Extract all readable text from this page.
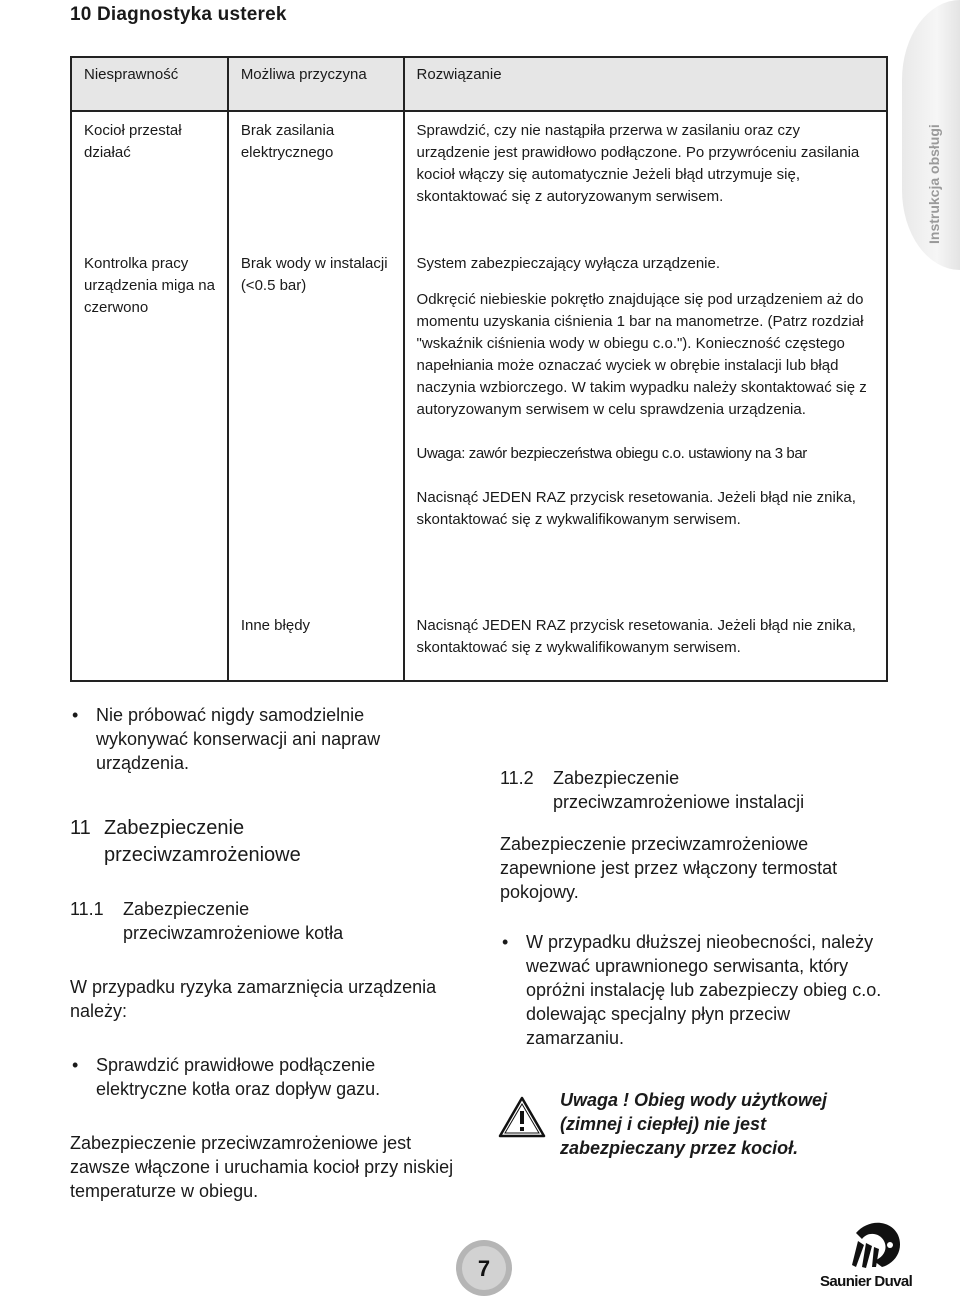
Instrukcja obsługi
10 Diagnostyka usterek
Niesprawność	Możliwa przyczyna	Rozwiązanie
Kocioł przestał działać	Brak zasilania elektrycznego	Sprawdzić, czy nie nastąpiła przerwa w zasilaniu oraz czy urządzenie jest prawidłowo podłączone. Po przywróceniu zasilania kocioł włączy się automatycznie Jeżeli błąd utrzymuje się, skontaktować się z autoryzowanym serwisem.

Kontrolka pracy urządzenia miga na czerwono	Brak wody w instalacji (<0.5 bar)	System zabezpieczający wyłącza urządzenie.
Odkręcić niebieskie pokrętło znajdujące się pod urządzeniem aż do momentu uzyskania ciśnienia 1 bar na manometrze. (Patrz rozdział "wskaźnik ciśnienia wody w obiegu c.o."). Konieczność częstego napełniania może oznaczać wyciek w obrębie instalacji lub błąd naczynia wzbiorczego. W takim wypadku należy skontaktować się z autoryzowanym serwisem w celu sprawdzenia urządzenia.
Uwaga: zawór bezpieczeństwa obiegu c.o. ustawiony na 3 bar
Nacisnąć JEDEN RAZ przycisk resetowania. Jeżeli błąd nie znika, skontaktować się z wykwalifikowanym serwisem.

	Inne błędy	Nacisnąć JEDEN RAZ przycisk resetowania. Jeżeli błąd nie znika, skontaktować się z wykwalifikowanym serwisem.
• Nie próbować nigdy samodzielnie wykonywać konserwacji ani napraw urządzenia.
11 Zabezpieczenie
przeciwzamrożeniowe
11.1 Zabezpieczenie
przeciwzamrożeniowe kotła
W przypadku ryzyka zamarznięcia urządzenia należy:
• Sprawdzić prawidłowe podłączenie elektryczne kotła oraz dopływ gazu.
Zabezpieczenie przeciwzamrożeniowe jest zawsze włączone i uruchamia kocioł przy niskiej temperaturze w obiegu.
11.2 Zabezpieczenie
przeciwzamrożeniowe instalacji
Zabezpieczenie przeciwzamrożeniowe zapewnione jest przez włączony termostat pokojowy.
• W przypadku dłuższej nieobecności, należy wezwać uprawnionego serwisanta, który opróżni instalację lub zabezpieczy obieg c.o. dolewając specjalny płyn przeciw zamarzaniu.
Uwaga ! Obieg wody użytkowej (zimnej i ciepłej) nie jest zabezpieczany przez kocioł.
7
Saunier Duval
